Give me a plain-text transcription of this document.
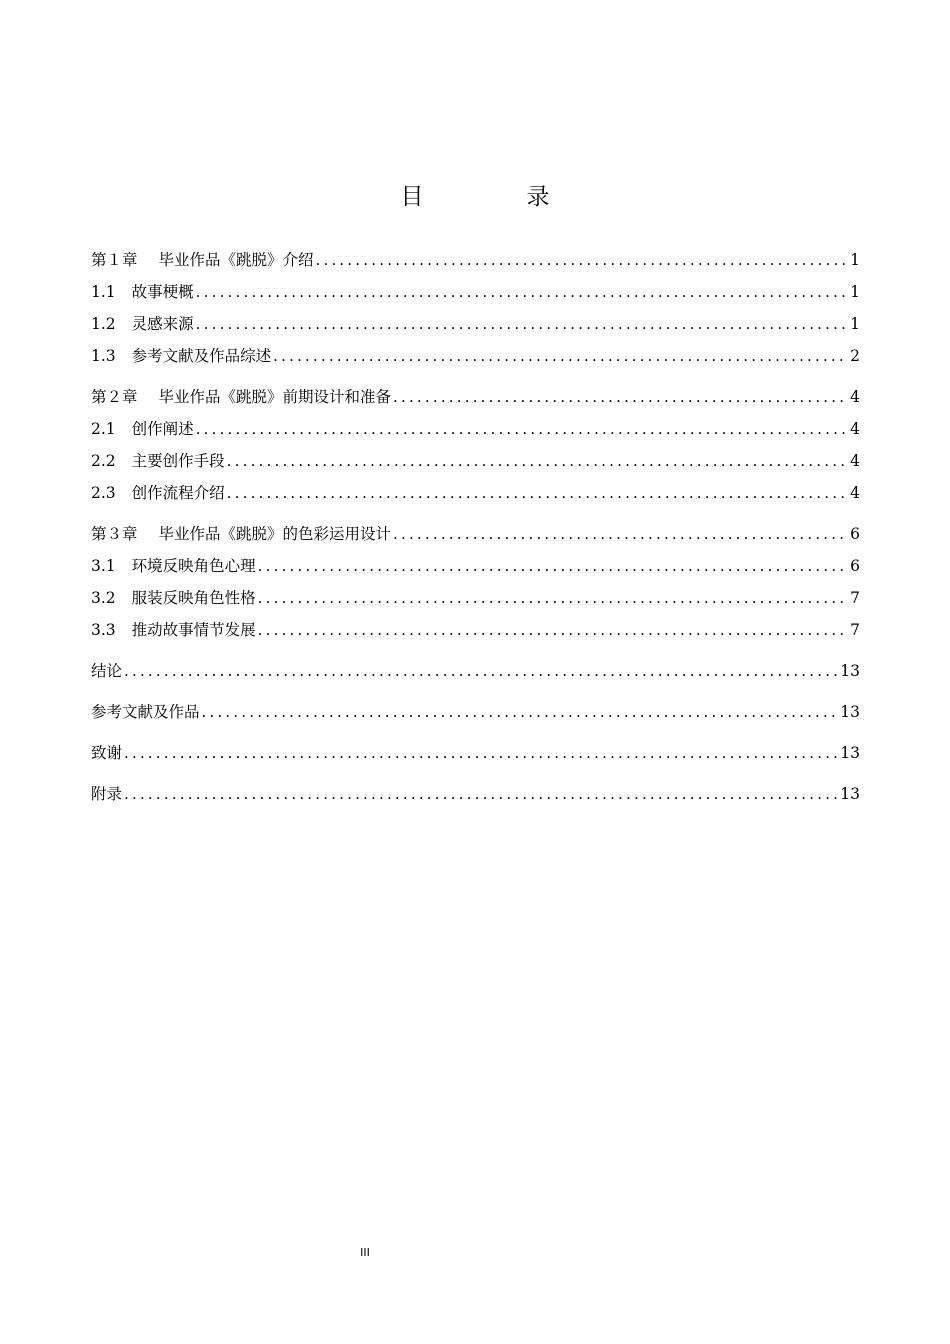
目　录
第１章 毕业作品《跳脱》介绍 .....	1
1.1 故事梗概 .....	1
1.2 灵感来源 .....	1
1.3 参考文献及作品综述 .....	2
第２章 毕业作品《跳脱》前期设计和准备 .....	4
2.1 创作阐述 .....	4
2.2 主要创作手段 .....	4
2.3 创作流程介绍 .....	4
第３章 毕业作品《跳脱》的色彩运用设计 .....	6
3.1 环境反映角色心理 .....	6
3.2 服装反映角色性格 .....	7
3.3 推动故事情节发展 .....	7
结论 .....	13
参考文献及作品 .....	13
致谢 .....	13
附录 .....	13
III
